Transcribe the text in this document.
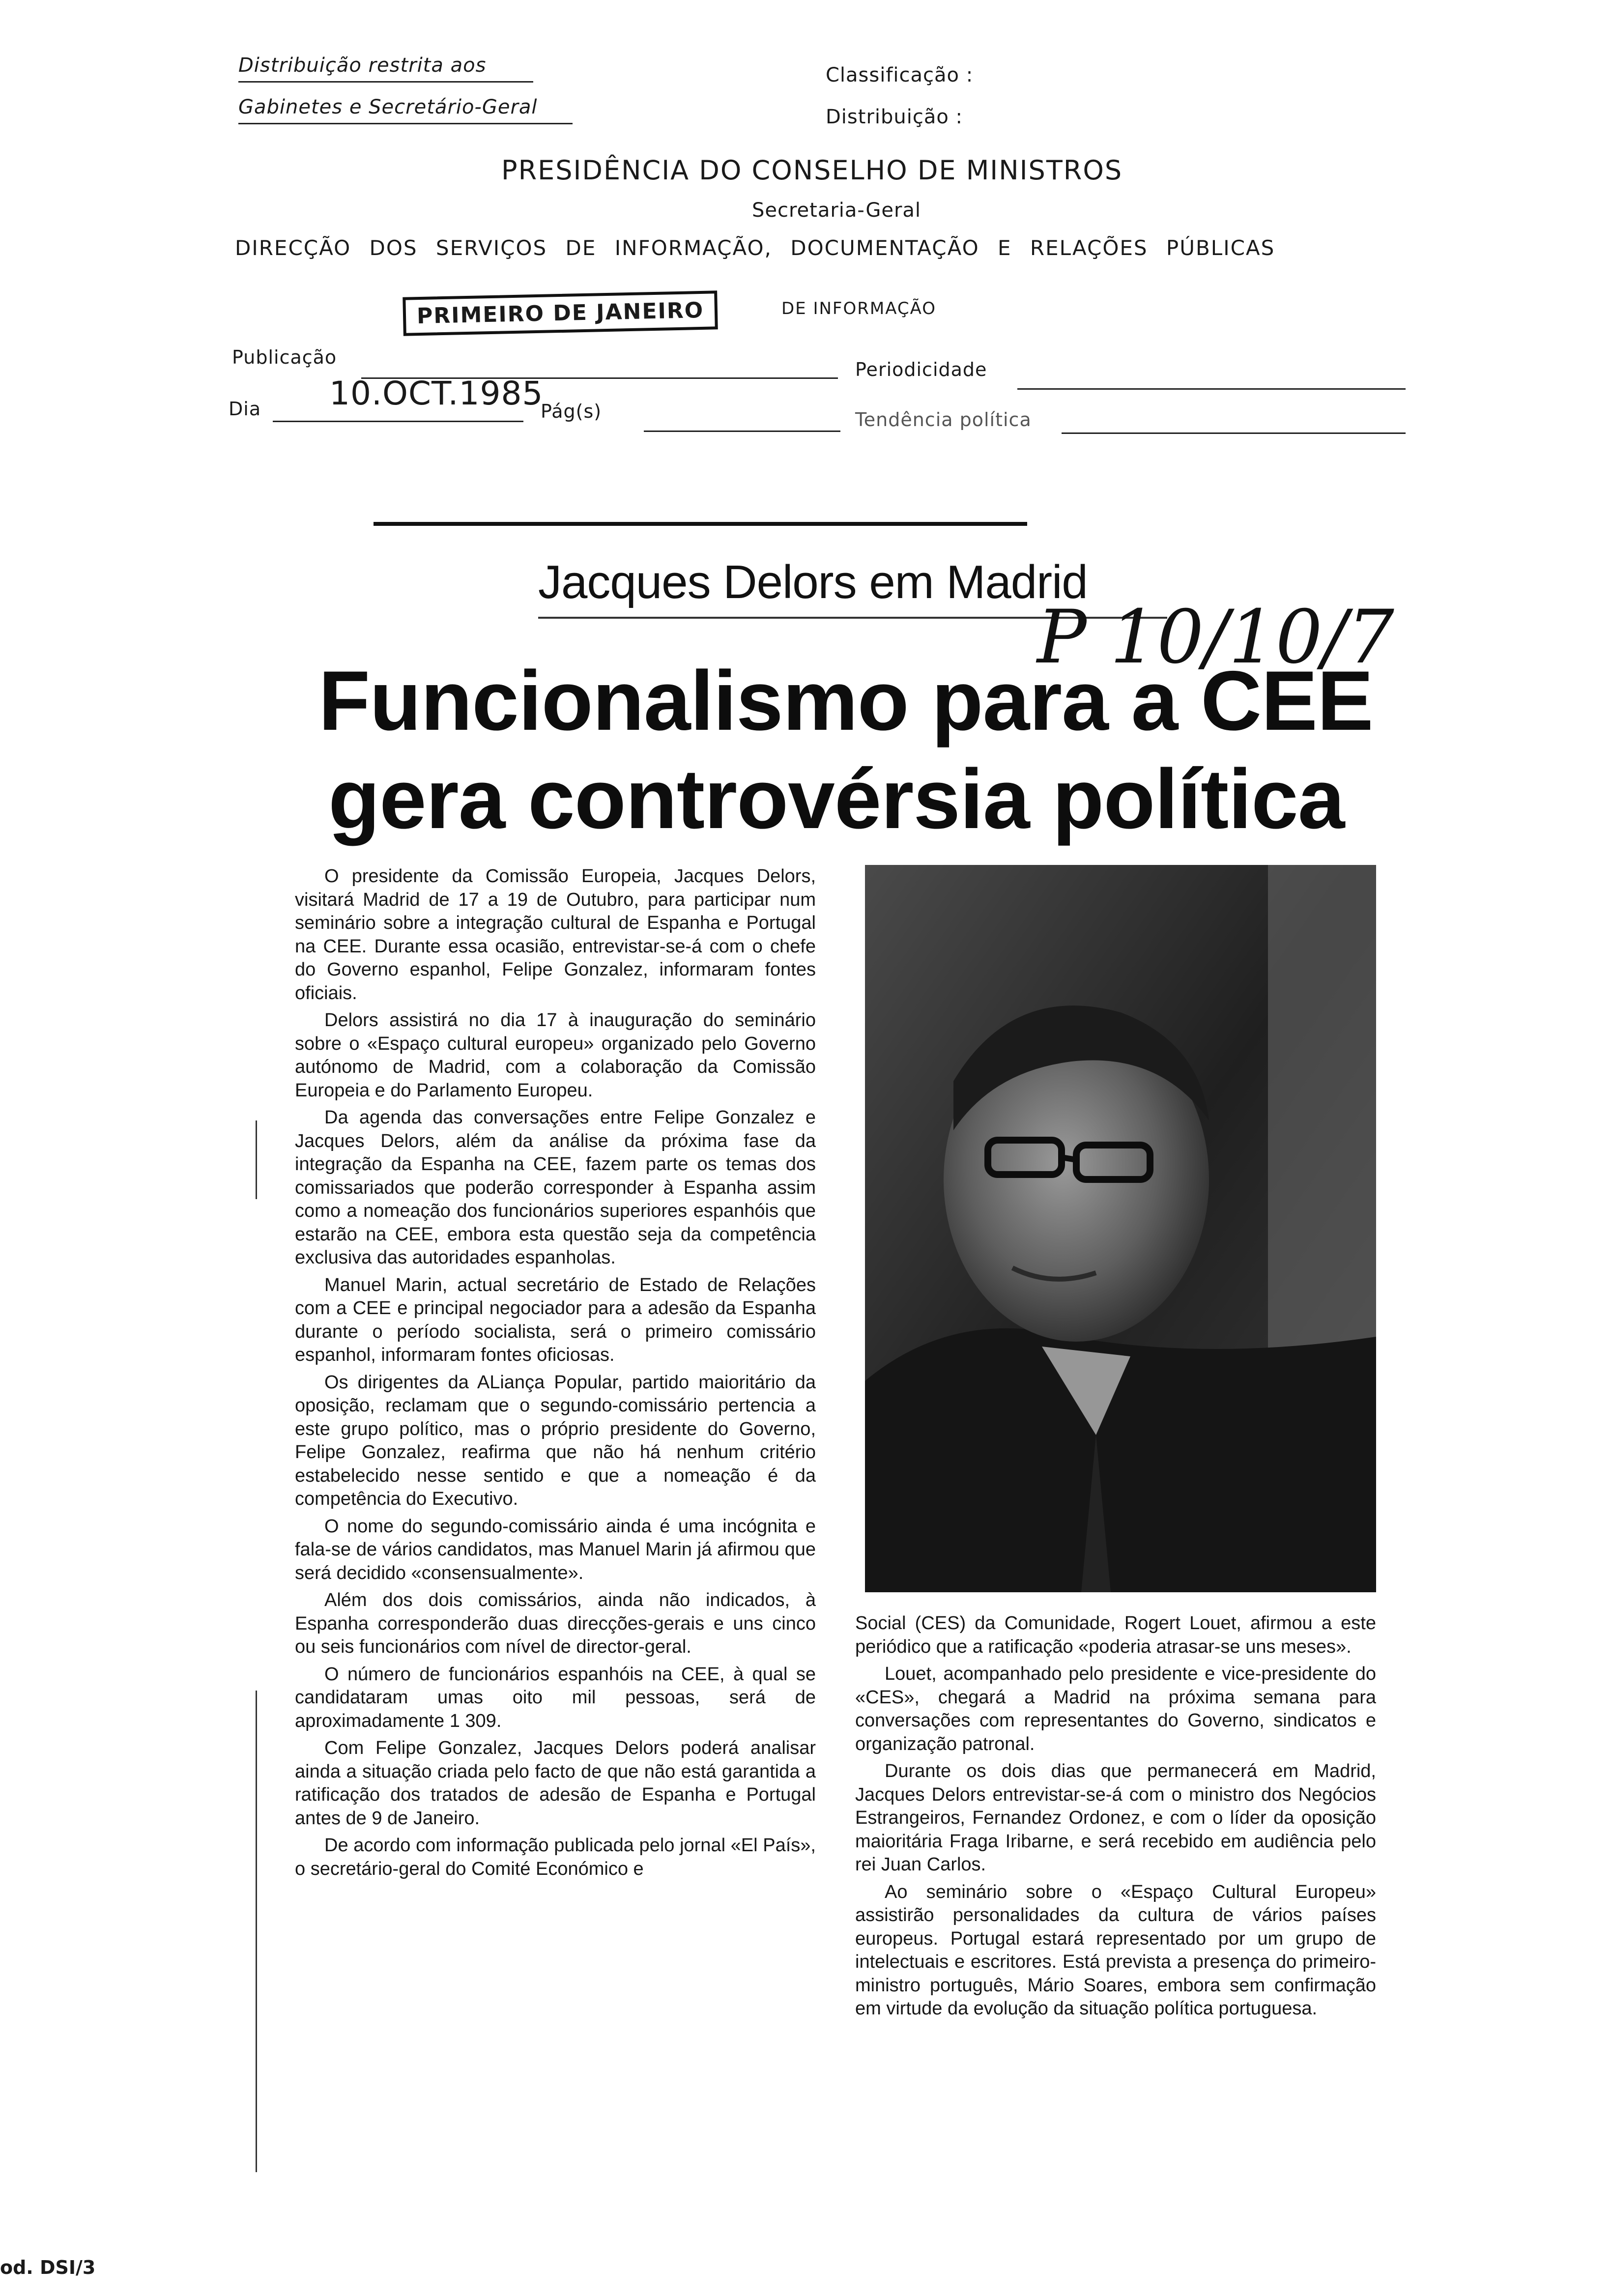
Distribuição restrita aos
Gabinetes e Secretário-Geral
Classificação :
Distribuição :
PRESIDÊNCIA DO CONSELHO DE MINISTROS
Secretaria-Geral
DIRECÇÃO DOS SERVIÇOS DE INFORMAÇÃO, DOCUMENTAÇÃO E RELAÇÕES PÚBLICAS
DE INFORMAÇÃO
PRIMEIRO DE JANEIRO
Publicação
Periodicidade
Dia 10.OCT.1985
Pág(s)	Tendência política
Jacques Delors em Madrid
P 10/10/7
Funcionalismo para a CEE
gera controvérsia política

O presidente da Comissão Europeia, Jacques Delors, visitará Madrid de 17 a 19 de Outubro, para participar num seminário sobre a integração cultural de Espanha e Portugal na CEE. Durante essa ocasião, entrevistar-se-á com o chefe do Governo espanhol, Felipe Gonzalez, informaram fontes oficiais.

Delors assistirá no dia 17 à inauguração do seminário sobre o «Espaço cultural europeu» organizado pelo Governo autónomo de Madrid, com a colaboração da Comissão Europeia e do Parlamento Europeu.

Da agenda das conversações entre Felipe Gonzalez e Jacques Delors, além da análise da próxima fase da integração da Espanha na CEE, fazem parte os temas dos comissariados que poderão corresponder à Espanha assim como a nomeação dos funcionários superiores espanhóis que estarão na CEE, embora esta questão seja da competência exclusiva das autoridades espanholas.

Manuel Marin, actual secretário de Estado de Relações com a CEE e principal negociador para a adesão da Espanha durante o período socialista, será o primeiro comissário espanhol, informaram fontes oficiosas.

Os dirigentes da ALiança Popular, partido maioritário da oposição, reclamam que o segundo-comissário pertencia a este grupo político, mas o próprio presidente do Governo, Felipe Gonzalez, reafirma que não há nenhum critério estabelecido nesse sentido e que a nomeação é da competência do Executivo.

O nome do segundo-comissário ainda é uma incógnita e fala-se de vários candidatos, mas Manuel Marin já afirmou que será decidido «consensualmente».

Além dos dois comissários, ainda não indicados, à Espanha corresponderão duas direcções-gerais e uns cinco ou seis funcionários com nível de director-geral.

O número de funcionários espanhóis na CEE, à qual se candidataram umas oito mil pessoas, será de aproximadamente 1 309.

Com Felipe Gonzalez, Jacques Delors poderá analisar ainda a situação criada pelo facto de que não está garantida a ratificação dos tratados de adesão de Espanha e Portugal antes de 9 de Janeiro.

De acordo com informação publicada pelo jornal «El País», o secretário-geral do Comité Económico e

Social (CES) da Comunidade, Rogert Louet, afirmou a este periódico que a ratificação «poderia atrasar-se uns meses».

Louet, acompanhado pelo presidente e vice-presidente do «CES», chegará a Madrid na próxima semana para conversações com representantes do Governo, sindicatos e organização patronal.

Durante os dois dias que permanecerá em Madrid, Jacques Delors entrevistar-se-á com o ministro dos Negócios Estrangeiros, Fernandez Ordonez, e com o líder da oposição maioritária Fraga Iribarne, e será recebido em audiência pelo rei Juan Carlos.

Ao seminário sobre o «Espaço Cultural Europeu» assistirão personalidades da cultura de vários países europeus. Portugal estará representado por um grupo de intelectuais e escritores. Está prevista a presença do primeiro-ministro português, Mário Soares, embora sem confirmação em virtude da evolução da situação política portuguesa.

od. DSI/3
